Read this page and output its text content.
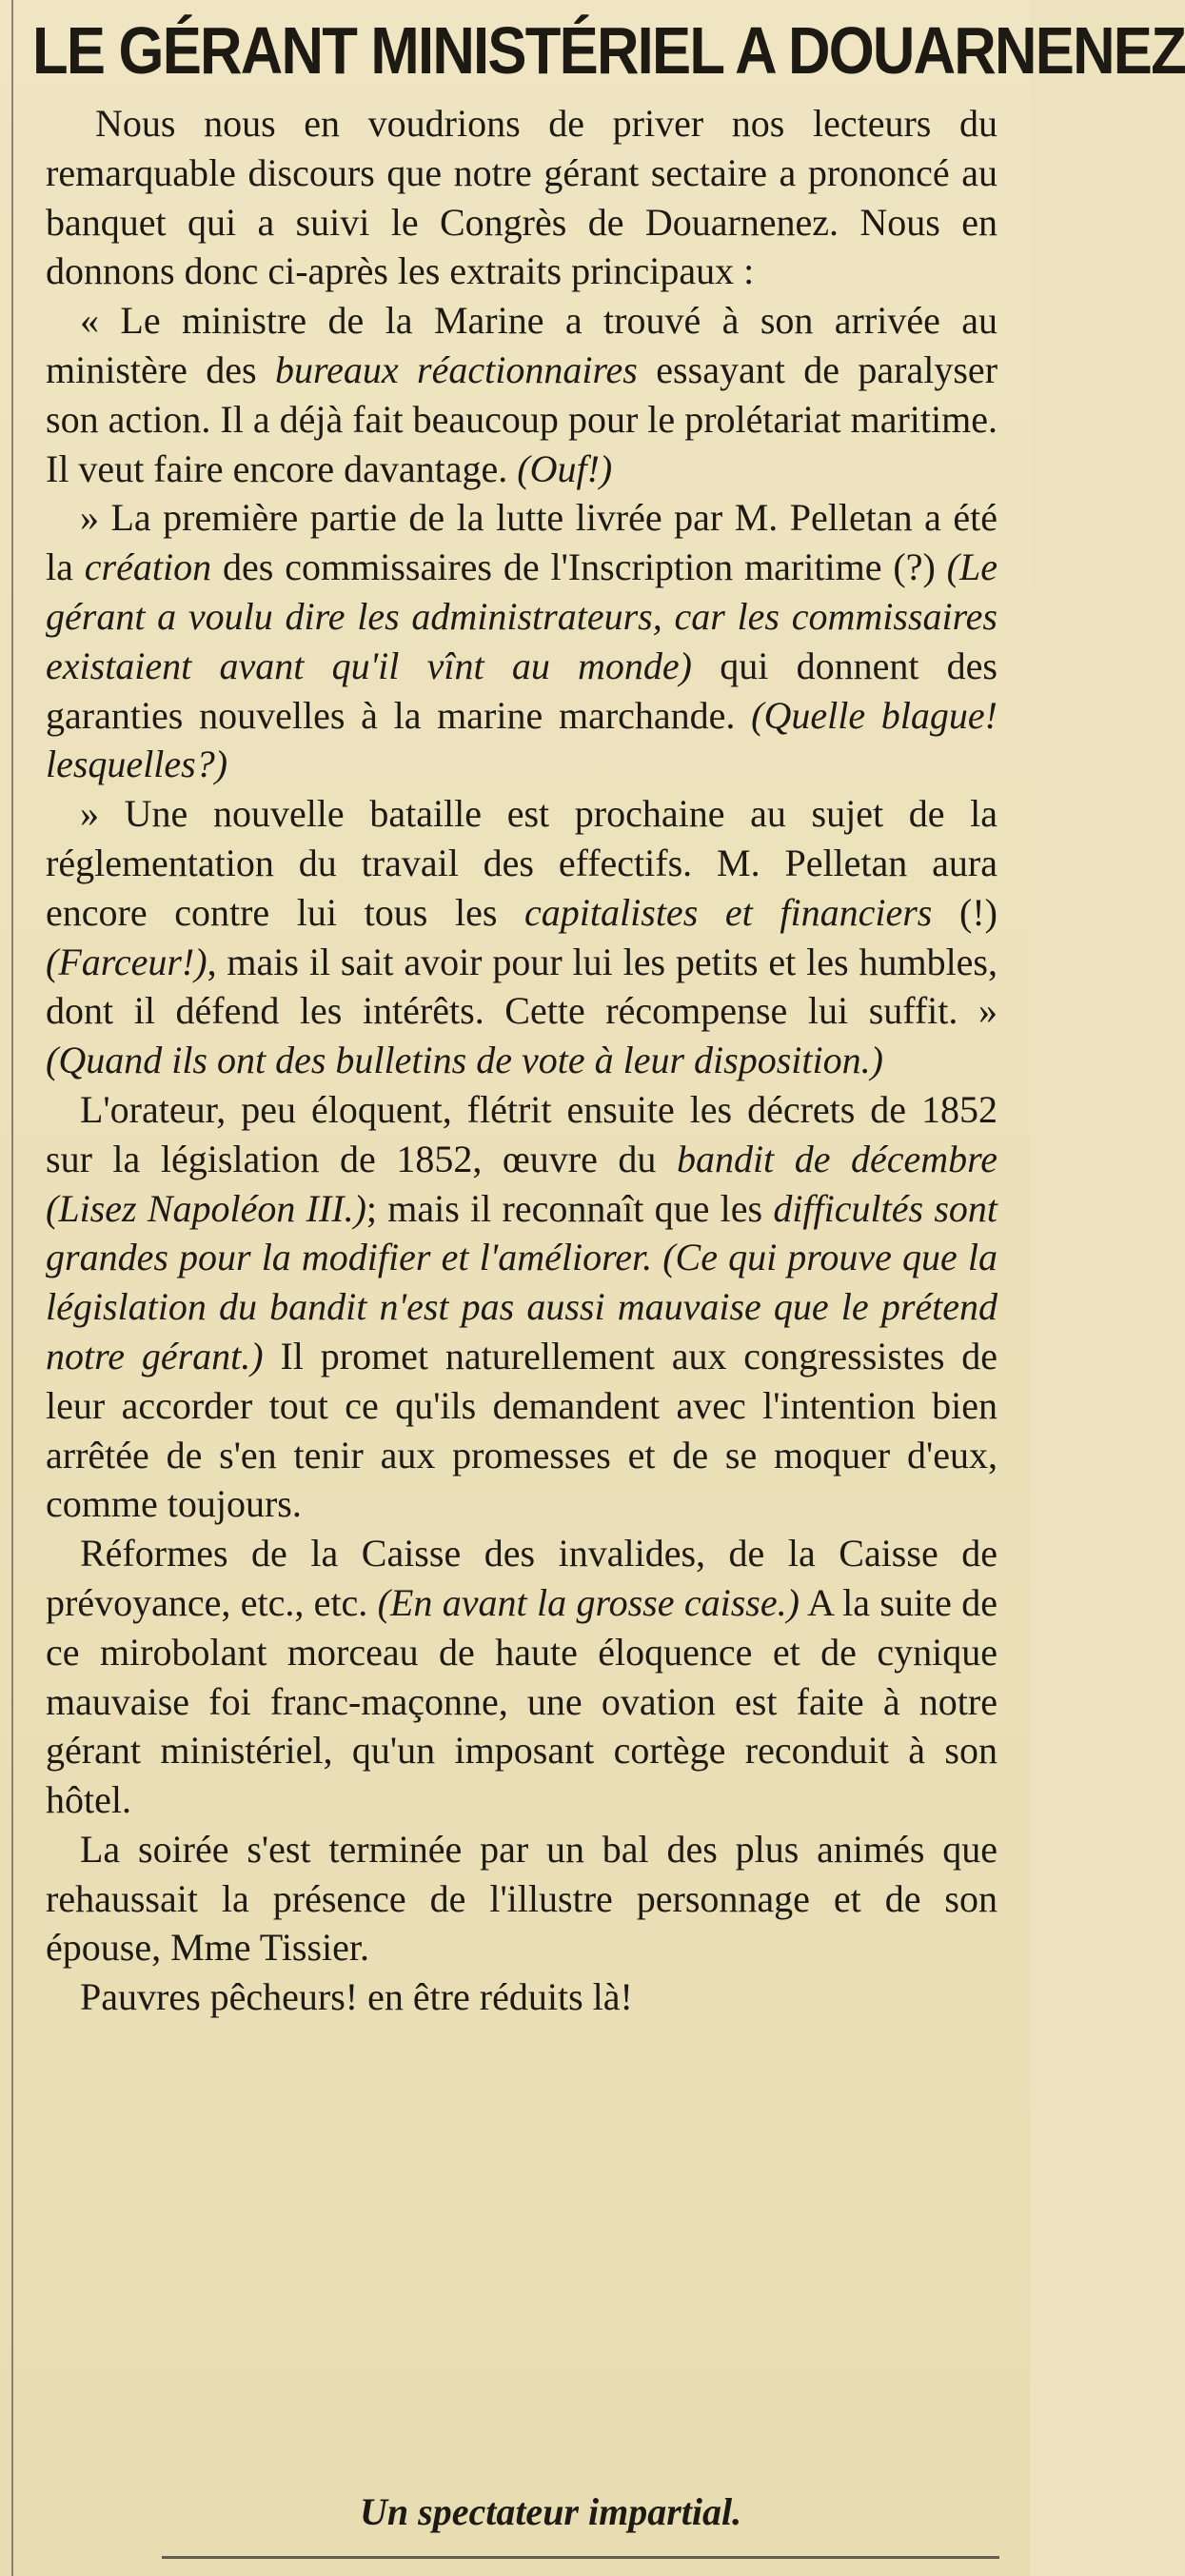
LE GÉRANT MINISTÉRIEL A DOUARNENEZ

Nous nous en voudrions de priver nos lecteurs du remarquable discours que notre gérant sectaire a prononcé au banquet qui a suivi le Congrès de Douarnenez. Nous en donnons donc ci-après les extraits principaux :

« Le ministre de la Marine a trouvé à son arrivée au ministère des bureaux réactionnaires essayant de paralyser son action. Il a déjà fait beaucoup pour le prolétariat maritime. Il veut faire encore davantage. (Ouf!)

» La première partie de la lutte livrée par M. Pelletan a été la création des commissaires de l'Inscription maritime (?) (Le gérant a voulu dire les administrateurs, car les commissaires existaient avant qu'il vînt au monde) qui donnent des garanties nouvelles à la marine marchande. (Quelle blague! lesquelles?)

» Une nouvelle bataille est prochaine au sujet de la réglementation du travail des effectifs. M. Pelletan aura encore contre lui tous les capitalistes et financiers (!) (Farceur!), mais il sait avoir pour lui les petits et les humbles, dont il défend les intérêts. Cette récompense lui suffit. » (Quand ils ont des bulletins de vote à leur disposition.)

L'orateur, peu éloquent, flétrit ensuite les décrets de 1852 sur la législation de 1852, œuvre du bandit de décembre (Lisez Napoléon III.); mais il reconnaît que les difficultés sont grandes pour la modifier et l'améliorer. (Ce qui prouve que la législation du bandit n'est pas aussi mauvaise que le prétend notre gérant.) Il promet naturellement aux congressistes de leur accorder tout ce qu'ils demandent avec l'intention bien arrêtée de s'en tenir aux promesses et de se moquer d'eux, comme toujours.

Réformes de la Caisse des invalides, de la Caisse de prévoyance, etc., etc. (En avant la grosse caisse.) A la suite de ce mirobolant morceau de haute éloquence et de cynique mauvaise foi franc-maçonne, une ovation est faite à notre gérant ministériel, qu'un imposant cortège reconduit à son hôtel.

La soirée s'est terminée par un bal des plus animés que rehaussait la présence de l'illustre personnage et de son épouse, Mme Tissier.

Pauvres pêcheurs! en être réduits là!

Un spectateur impartial.
